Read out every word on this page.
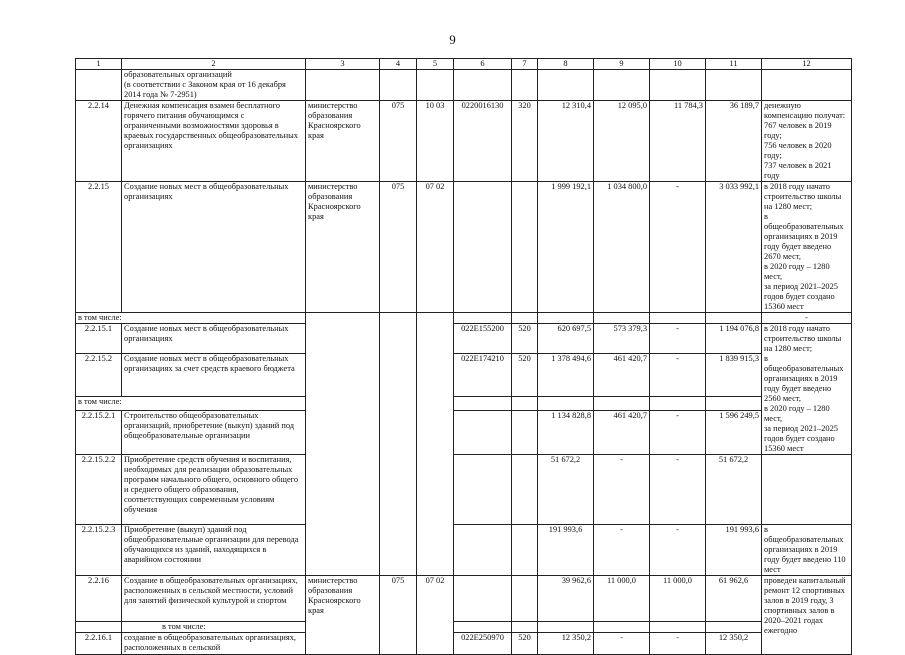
9
1	2	3	4	5	6	7	8	9	10	11	12
	образовательных организаций
(в соответствии с Законом края от 16 декабря 2014 года № 7-2951)										
2.2.14	Денежная компенсация взамен бесплатного горячего питания обучающимся с ограниченными возможностями здоровья в краевых государственных общеобразовательных организациях	министерство образования Красноярского края	075	10 03	0220016130	320	12 310,4	12 095,0	11 784,3	36 189,7	денежную компенсацию получат:
767 человек в 2019 году;
756 человек в 2020 году;
737 человек в 2021 году
2.2.15	Создание новых мест в общеобразовательных организациях	министерство образования Красноярского края	075	07 02			1 999 192,1	1 034 800,0	-	3 033 992,1	в 2018 году начато строительство школы на 1280 мест;
в общеобразовательных организациях в 2019 году будет введено 2670 мест,
в 2020 году – 1280 мест,
за период 2021–2025 годов будет создано 15360 мест
в том числе:											-
2.2.15.1	Создание новых мест в общеобразовательных организациях				022E155200	520	620 697,5	573 379,3	-	1 194 076,8	в 2018 году начато строительство школы на 1280 мест;
в общеобразовательных организациях в 2019 году будет введено 2560 мест,
в 2020 году – 1280 мест,
за период 2021–2025 годов будет создано 15360 мест
2.2.15.2	Создание новых мест в общеобразовательных организациях за счет средств краевого бюджета				022E174210	520	1 378 494,6	461 420,7	-	1 839 915,3	
в том числе:											
2.2.15.2.1	Строительство общеобразовательных организаций, приобретение (выкуп) зданий под общеобразовательные организации						1 134 828,8	461 420,7	-	1 596 249,5	
2.2.15.2.2	Приобретение средств обучения и воспитания, необходимых для реализации образовательных программ начального общего, основного общего и среднего общего образования, соответствующих современным условиям обучения						51 672,2	-	-	51 672,2	
2.2.15.2.3	Приобретение (выкуп) зданий под общеобразовательные организации для перевода обучающихся из зданий, находящихся в аварийном состоянии						191 993,6	-	-	191 993,6	в общеобразовательных организациях в 2019 году будет введено 110 мест
2.2.16	Создание в общеобразовательных организациях, расположенных в сельской местности, условий для занятий физической культурой и спортом	министерство образования Красноярского края	075	07 02			39 962,6	11 000,0	11 000,0	61 962,6	проведен капитальный ремонт 12 спортивных залов в 2019 году, 3 спортивных залов в 2020–2021 годах ежегодно
	в том числе:										
2.2.16.1	создание в общеобразовательных организациях, расположенных в сельской				022E250970	520	12 350,2	-	-	12 350,2	
